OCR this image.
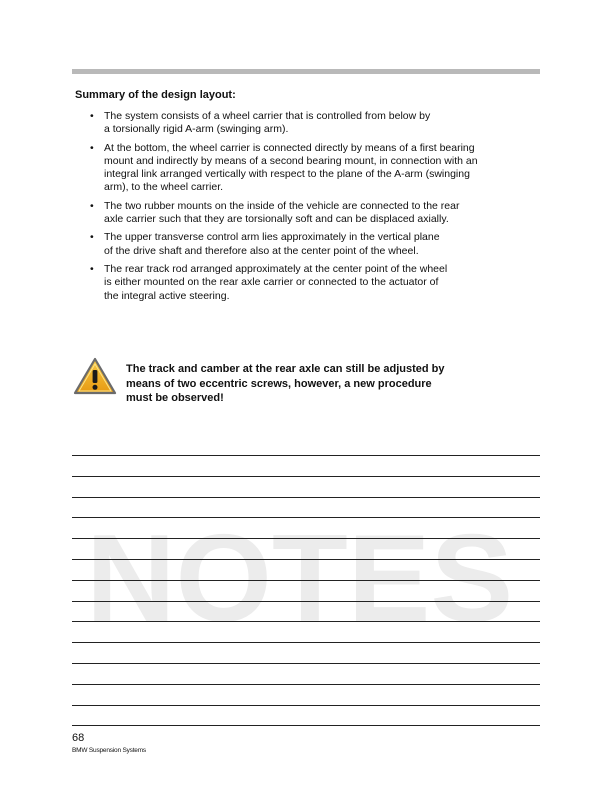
Summary of the design layout:

• The system consists of a wheel carrier that is controlled from below by
a torsionally rigid A-arm (swinging arm).
• At the bottom, the wheel carrier is connected directly by means of a first bearing
mount and indirectly by means of a second bearing mount, in connection with an
integral link arranged vertically with respect to the plane of the A-arm (swinging
arm), to the wheel carrier.
• The two rubber mounts on the inside of the vehicle are connected to the rear
axle carrier such that they are torsionally soft and can be displaced axially.
• The upper transverse control arm lies approximately in the vertical plane
of the drive shaft and therefore also at the center point of the wheel.
• The rear track rod arranged approximately at the center point of the wheel
is either mounted on the rear axle carrier or connected to the actuator of
the integral active steering.

The track and camber at the rear axle can still be adjusted by
means of two eccentric screws, however, a new procedure
must be observed!

NOTES
68
BMW Suspension Systems
